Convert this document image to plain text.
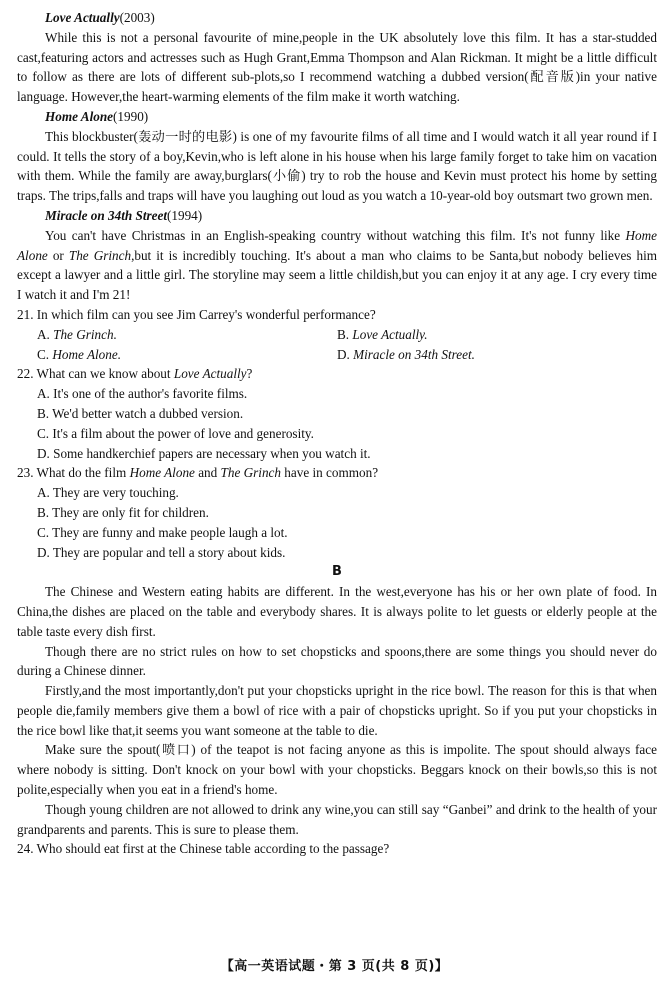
Love Actually(2003)

While this is not a personal favourite of mine,people in the UK absolutely love this film. It has a star-studded cast,featuring actors and actresses such as Hugh Grant,Emma Thompson and Alan Rickman. It might be a little difficult to follow as there are lots of different sub-plots,so I recommend watching a dubbed version(配音版)in your native language. However,the heart-warming elements of the film make it worth watching.

Home Alone(1990)

This blockbuster(轰动一时的电影) is one of my favourite films of all time and I would watch it all year round if I could. It tells the story of a boy,Kevin,who is left alone in his house when his large family forget to take him on vacation with them. While the family are away,burglars(小偷) try to rob the house and Kevin must protect his home by setting traps. The trips,falls and traps will have you laughing out loud as you watch a 10-year-old boy outsmart two grown men.

Miracle on 34th Street(1994)

You can't have Christmas in an English-speaking country without watching this film. It's not funny like Home Alone or The Grinch,but it is incredibly touching. It's about a man who claims to be Santa,but nobody believes him except a lawyer and a little girl. The storyline may seem a little childish,but you can enjoy it at any age. I cry every time I watch it and I'm 21!

21. In which film can you see Jim Carrey's wonderful performance?

A. The Grinch.	B. Love Actually.
C. Home Alone.	D. Miracle on 34th Street.

22. What can we know about Love Actually?

A. It's one of the author's favorite films.

B. We'd better watch a dubbed version.

C. It's a film about the power of love and generosity.

D. Some handkerchief papers are necessary when you watch it.

23. What do the film Home Alone and The Grinch have in common?

A. They are very touching.

B. They are only fit for children.

C. They are funny and make people laugh a lot.

D. They are popular and tell a story about kids.

B

The Chinese and Western eating habits are different. In the west,everyone has his or her own plate of food. In China,the dishes are placed on the table and everybody shares. It is always polite to let guests or elderly people at the table taste every dish first.

Though there are no strict rules on how to set chopsticks and spoons,there are some things you should never do during a Chinese dinner.

Firstly,and the most importantly,don't put your chopsticks upright in the rice bowl. The reason for this is that when people die,family members give them a bowl of rice with a pair of chopsticks upright. So if you put your chopsticks in the rice bowl like that,it seems you want someone at the table to die.

Make sure the spout(喷口) of the teapot is not facing anyone as this is impolite. The spout should always face where nobody is sitting. Don't knock on your bowl with your chopsticks. Beggars knock on their bowls,so this is not polite,especially when you eat in a friend's home.

Though young children are not allowed to drink any wine,you can still say “Ganbei” and drink to the health of your grandparents and parents. This is sure to please them.

24. Who should eat first at the Chinese table according to the passage?

【高一英语试题・第 3 页(共 8 页)】
